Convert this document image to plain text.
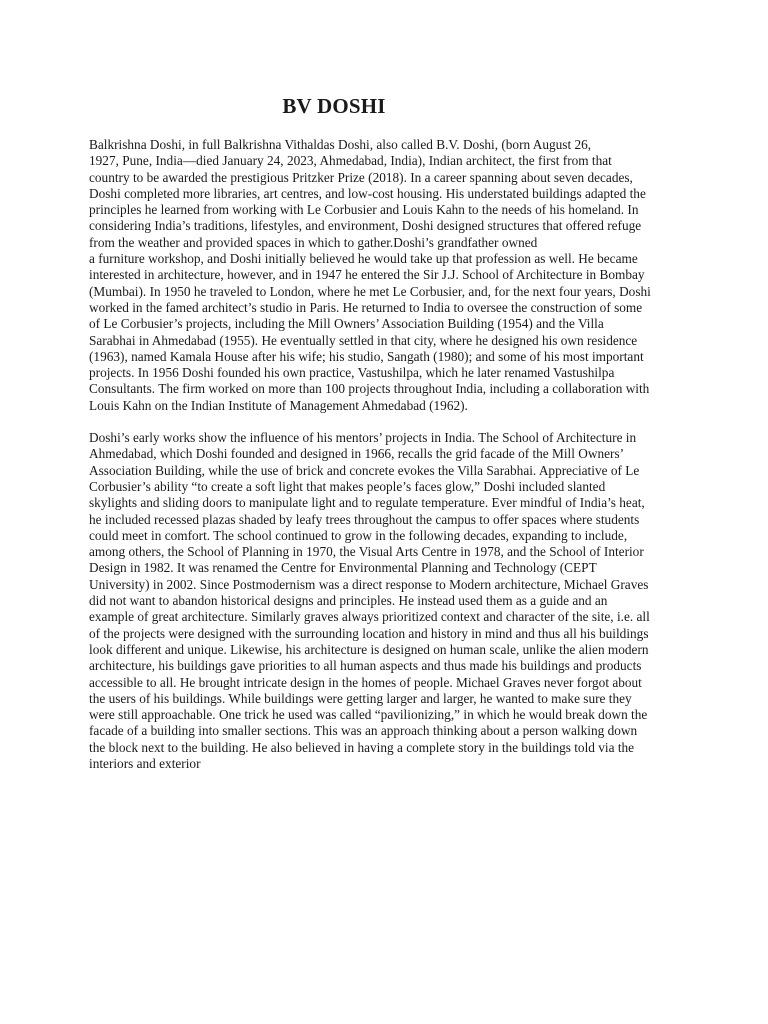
BV DOSHI

Balkrishna Doshi, in full Balkrishna Vithaldas Doshi, also called B.V. Doshi, (born August 26,
1927, Pune, India—died January 24, 2023, Ahmedabad, India), Indian architect, the first from that
country to be awarded the prestigious Pritzker Prize (2018). In a career spanning about seven decades,
Doshi completed more libraries, art centres, and low-cost housing. His understated buildings adapted the
principles he learned from working with Le Corbusier and Louis Kahn to the needs of his homeland. In
considering India’s traditions, lifestyles, and environment, Doshi designed structures that offered refuge
from the weather and provided spaces in which to gather.Doshi’s grandfather owned
a furniture workshop, and Doshi initially believed he would take up that profession as well. He became
interested in architecture, however, and in 1947 he entered the Sir J.J. School of Architecture in Bombay
(Mumbai). In 1950 he traveled to London, where he met Le Corbusier, and, for the next four years, Doshi
worked in the famed architect’s studio in Paris. He returned to India to oversee the construction of some
of Le Corbusier’s projects, including the Mill Owners’ Association Building (1954) and the Villa
Sarabhai in Ahmedabad (1955). He eventually settled in that city, where he designed his own residence
(1963), named Kamala House after his wife; his studio, Sangath (1980); and some of his most important
projects. In 1956 Doshi founded his own practice, Vastushilpa, which he later renamed Vastushilpa
Consultants. The firm worked on more than 100 projects throughout India, including a collaboration with
Louis Kahn on the Indian Institute of Management Ahmedabad (1962).

Doshi’s early works show the influence of his mentors’ projects in India. The School of Architecture in
Ahmedabad, which Doshi founded and designed in 1966, recalls the grid facade of the Mill Owners’
Association Building, while the use of brick and concrete evokes the Villa Sarabhai. Appreciative of Le
Corbusier’s ability “to create a soft light that makes people’s faces glow,” Doshi included slanted
skylights and sliding doors to manipulate light and to regulate temperature. Ever mindful of India’s heat,
he included recessed plazas shaded by leafy trees throughout the campus to offer spaces where students
could meet in comfort. The school continued to grow in the following decades, expanding to include,
among others, the School of Planning in 1970, the Visual Arts Centre in 1978, and the School of Interior
Design in 1982. It was renamed the Centre for Environmental Planning and Technology (CEPT
University) in 2002. Since Postmodernism was a direct response to Modern architecture, Michael Graves
did not want to abandon historical designs and principles. He instead used them as a guide and an
example of great architecture. Similarly graves always prioritized context and character of the site, i.e. all
of the projects were designed with the surrounding location and history in mind and thus all his buildings
look different and unique. Likewise, his architecture is designed on human scale, unlike the alien modern
architecture, his buildings gave priorities to all human aspects and thus made his buildings and products
accessible to all. He brought intricate design in the homes of people. Michael Graves never forgot about
the users of his buildings. While buildings were getting larger and larger, he wanted to make sure they
were still approachable. One trick he used was called “pavilionizing,” in which he would break down the
facade of a building into smaller sections. This was an approach thinking about a person walking down
the block next to the building. He also believed in having a complete story in the buildings told via the
interiors and exterior
